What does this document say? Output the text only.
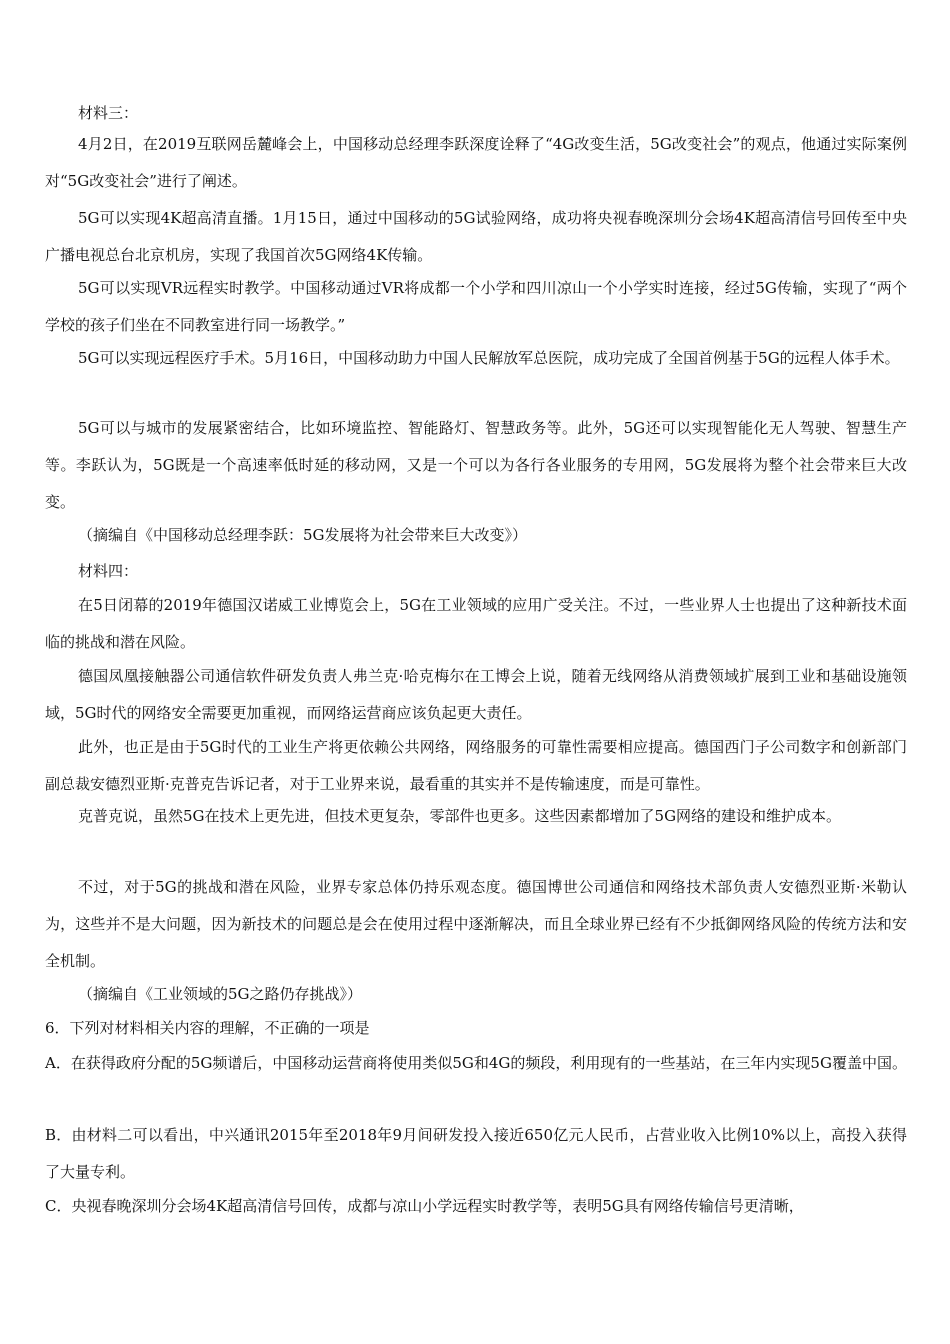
材料三：

4月2日，在2019互联网岳麓峰会上，中国移动总经理李跃深度诠释了“4G改变生活，5G改变社会”的观点，他通过实际案例对“5G改变社会”进行了阐述。

5G可以实现4K超高清直播。1月15日，通过中国移动的5G试验网络，成功将央视春晚深圳分会场4K超高清信号回传至中央广播电视总台北京机房，实现了我国首次5G网络4K传输。

5G可以实现VR远程实时教学。中国移动通过VR将成都一个小学和四川凉山一个小学实时连接，经过5G传输，实现了“两个学校的孩子们坐在不同教室进行同一场教学。”

5G可以实现远程医疗手术。5月16日，中国移动助力中国人民解放军总医院，成功完成了全国首例基于5G的远程人体手术。

5G可以与城市的发展紧密结合，比如环境监控、智能路灯、智慧政务等。此外，5G还可以实现智能化无人驾驶、智慧生产等。李跃认为，5G既是一个高速率低时延的移动网，又是一个可以为各行各业服务的专用网，5G发展将为整个社会带来巨大改变。

（摘编自《中国移动总经理李跃：5G发展将为社会带来巨大改变》）

材料四：

在5日闭幕的2019年德国汉诺威工业博览会上，5G在工业领域的应用广受关注。不过，一些业界人士也提出了这种新技术面临的挑战和潜在风险。

德国凤凰接触器公司通信软件研发负责人弗兰克·哈克梅尔在工博会上说，随着无线网络从消费领域扩展到工业和基础设施领域，5G时代的网络安全需要更加重视，而网络运营商应该负起更大责任。

此外，也正是由于5G时代的工业生产将更依赖公共网络，网络服务的可靠性需要相应提高。德国西门子公司数字和创新部门副总裁安德烈亚斯·克普克告诉记者，对于工业界来说，最看重的其实并不是传输速度，而是可靠性。

克普克说，虽然5G在技术上更先进，但技术更复杂，零部件也更多。这些因素都增加了5G网络的建设和维护成本。

不过，对于5G的挑战和潜在风险，业界专家总体仍持乐观态度。德国博世公司通信和网络技术部负责人安德烈亚斯·米勒认为，这些并不是大问题，因为新技术的问题总是会在使用过程中逐渐解决，而且全球业界已经有不少抵御网络风险的传统方法和安全机制。

（摘编自《工业领域的5G之路仍存挑战》）

6．下列对材料相关内容的理解，不正确的一项是

A．在获得政府分配的5G频谱后，中国移动运营商将使用类似5G和4G的频段，利用现有的一些基站，在三年内实现5G覆盖中国。

B．由材料二可以看出，中兴通讯2015年至2018年9月间研发投入接近650亿元人民币，占营业收入比例10%以上，高投入获得了大量专利。

C．央视春晚深圳分会场4K超高清信号回传，成都与凉山小学远程实时教学等，表明5G具有网络传输信号更清晰，
